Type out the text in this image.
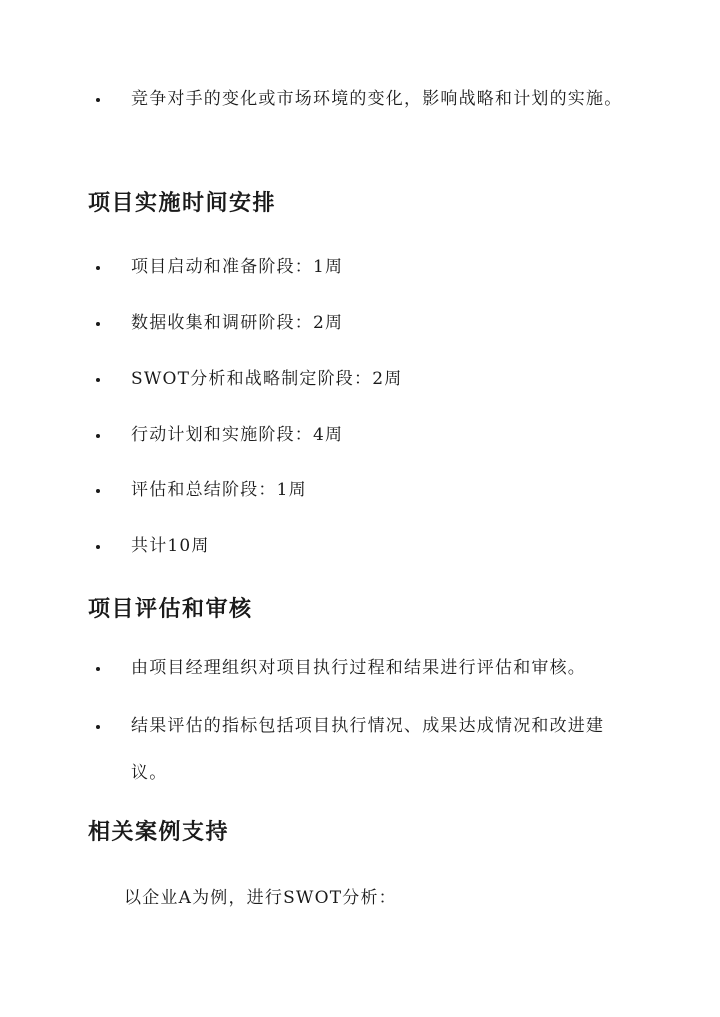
竞争对手的变化或市场环境的变化，影响战略和计划的实施。
项目实施时间安排
项目启动和准备阶段：1周
数据收集和调研阶段：2周
SWOT分析和战略制定阶段：2周
行动计划和实施阶段：4周
评估和总结阶段：1周
共计10周
项目评估和审核
由项目经理组织对项目执行过程和结果进行评估和审核。
结果评估的指标包括项目执行情况、成果达成情况和改进建议。
相关案例支持
以企业A为例，进行SWOT分析：
